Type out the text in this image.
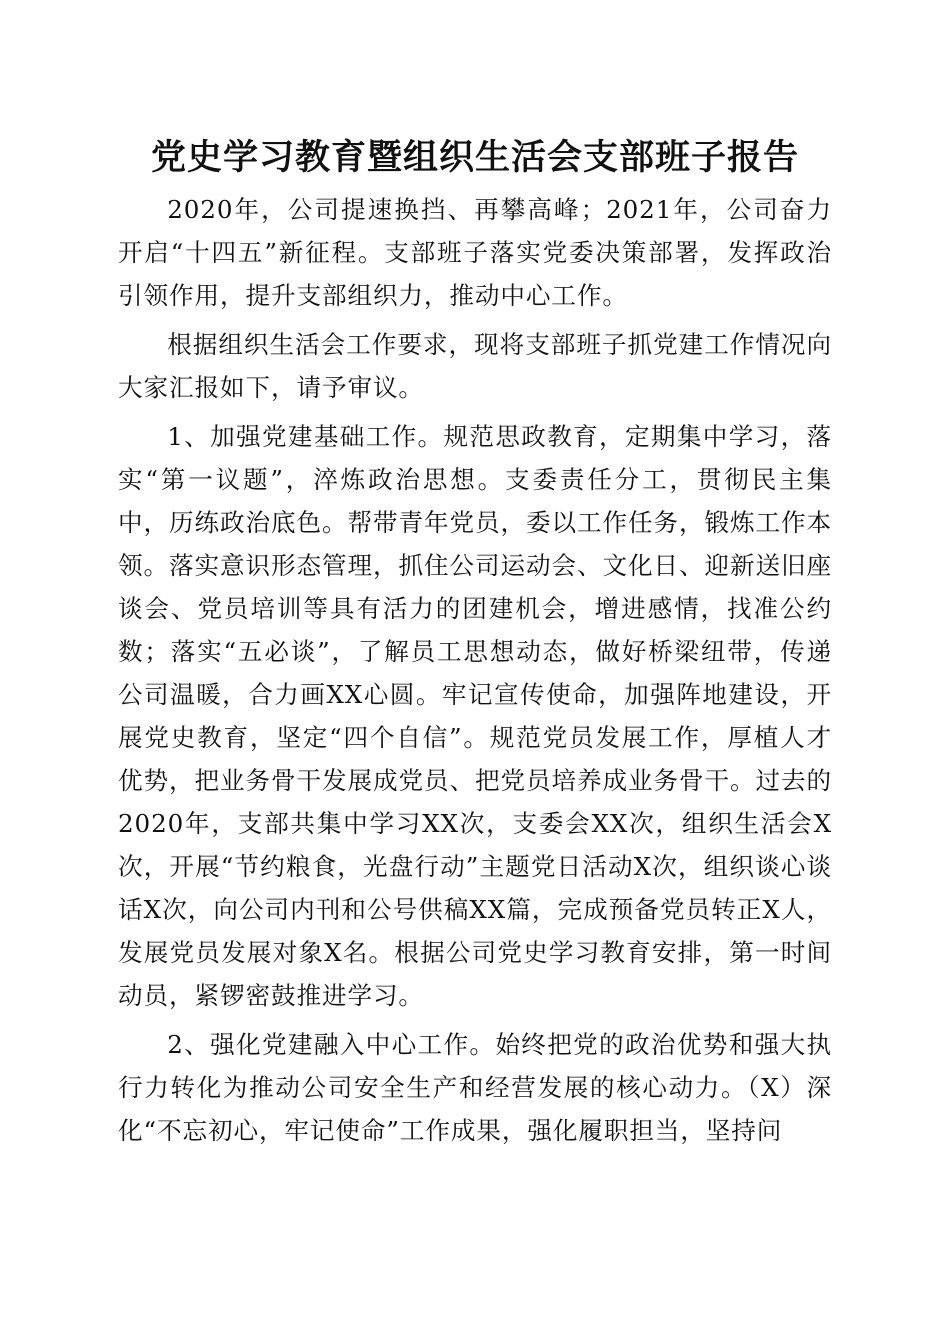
党史学习教育暨组织生活会支部班子报告

2020年，公司提速换挡、再攀高峰；2021年，公司奋力开启“十四五”新征程。支部班子落实党委决策部署，发挥政治引领作用，提升支部组织力，推动中心工作。

根据组织生活会工作要求，现将支部班子抓党建工作情况向大家汇报如下，请予审议。

1、加强党建基础工作。规范思政教育，定期集中学习，落实“第一议题”，淬炼政治思想。支委责任分工，贯彻民主集中，历练政治底色。帮带青年党员，委以工作任务，锻炼工作本领。落实意识形态管理，抓住公司运动会、文化日、迎新送旧座谈会、党员培训等具有活力的团建机会，增进感情，找准公约数；落实“五必谈”，了解员工思想动态，做好桥梁纽带，传递公司温暖，合力画XX心圆。牢记宣传使命，加强阵地建设，开展党史教育，坚定“四个自信”。规范党员发展工作，厚植人才优势，把业务骨干发展成党员、把党员培养成业务骨干。过去的2020年，支部共集中学习XX次，支委会XX次，组织生活会X次，开展“节约粮食，光盘行动”主题党日活动X次，组织谈心谈话X次，向公司内刊和公号供稿XX篇，完成预备党员转正X人，发展党员发展对象X名。根据公司党史学习教育安排，第一时间动员，紧锣密鼓推进学习。

2、强化党建融入中心工作。始终把党的政治优势和强大执行力转化为推动公司安全生产和经营发展的核心动力。（X）深化“不忘初心，牢记使命”工作成果，强化履职担当，坚持问
